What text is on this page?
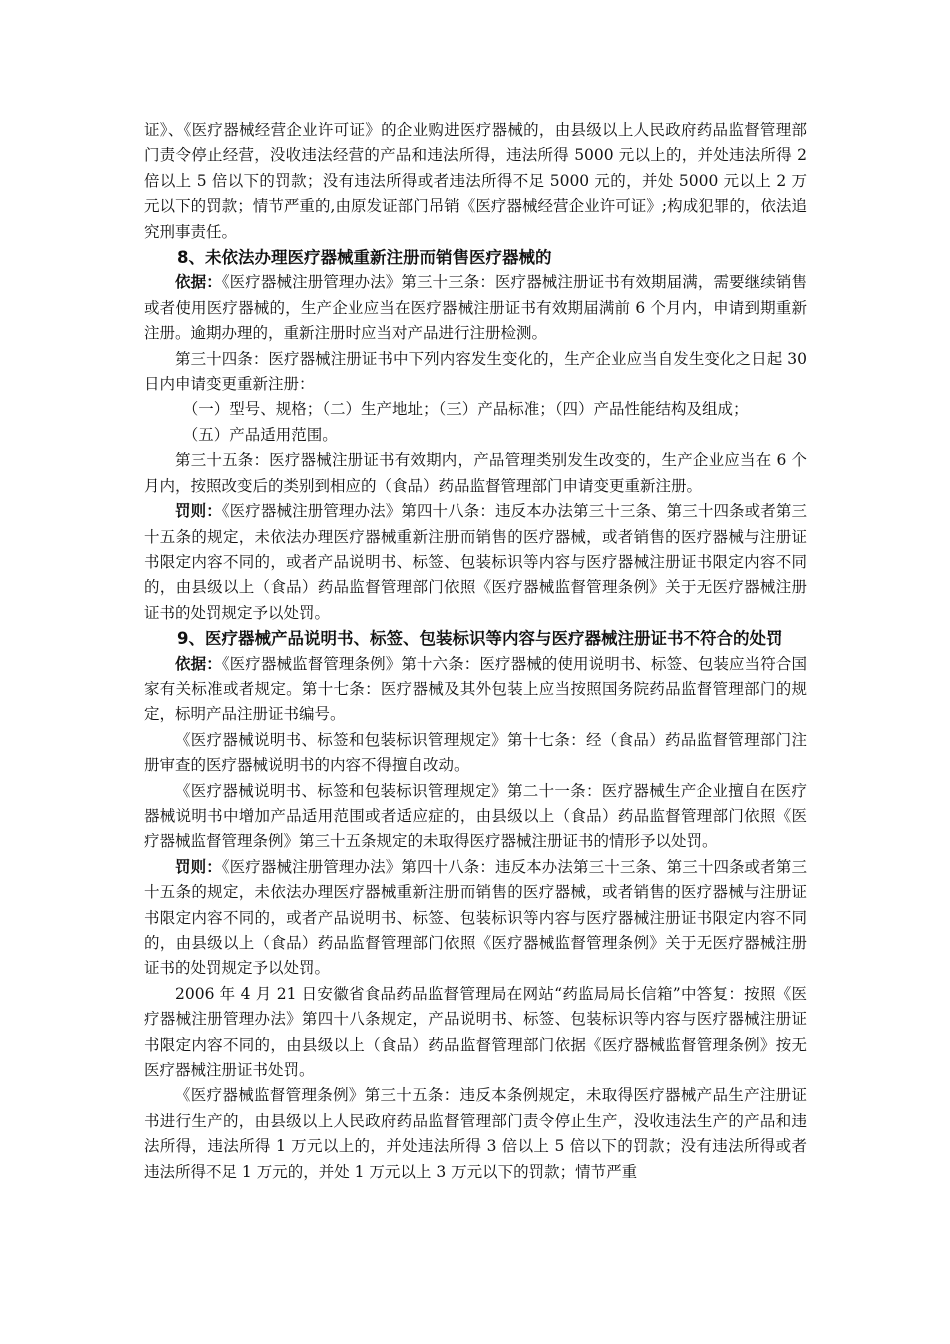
证》、《医疗器械经营企业许可证》的企业购进医疗器械的，由县级以上人民政府药品监督管理部门责令停止经营，没收违法经营的产品和违法所得，违法所得 5000 元以上的，并处违法所得 2 倍以上 5 倍以下的罚款；没有违法所得或者违法所得不足 5000 元的，并处 5000 元以上 2 万元以下的罚款；情节严重的,由原发证部门吊销《医疗器械经营企业许可证》;构成犯罪的，依法追究刑事责任。

8、未依法办理医疗器械重新注册而销售医疗器械的

依据：《医疗器械注册管理办法》第三十三条：医疗器械注册证书有效期届满，需要继续销售或者使用医疗器械的，生产企业应当在医疗器械注册证书有效期届满前 6 个月内，申请到期重新注册。逾期办理的，重新注册时应当对产品进行注册检测。

第三十四条：医疗器械注册证书中下列内容发生变化的，生产企业应当自发生变化之日起 30 日内申请变更重新注册：

（一）型号、规格；（二）生产地址；（三）产品标准；（四）产品性能结构及组成；

（五）产品适用范围。

第三十五条：医疗器械注册证书有效期内，产品管理类别发生改变的，生产企业应当在 6 个月内，按照改变后的类别到相应的（食品）药品监督管理部门申请变更重新注册。

罚则：《医疗器械注册管理办法》第四十八条：违反本办法第三十三条、第三十四条或者第三十五条的规定，未依法办理医疗器械重新注册而销售的医疗器械，或者销售的医疗器械与注册证书限定内容不同的，或者产品说明书、标签、包装标识等内容与医疗器械注册证书限定内容不同的，由县级以上（食品）药品监督管理部门依照《医疗器械监督管理条例》关于无医疗器械注册证书的处罚规定予以处罚。

9、医疗器械产品说明书、标签、包装标识等内容与医疗器械注册证书不符合的处罚

依据：《医疗器械监督管理条例》第十六条：医疗器械的使用说明书、标签、包装应当符合国家有关标准或者规定。第十七条：医疗器械及其外包装上应当按照国务院药品监督管理部门的规定，标明产品注册证书编号。

《医疗器械说明书、标签和包装标识管理规定》第十七条：经（食品）药品监督管理部门注册审查的医疗器械说明书的内容不得擅自改动。

《医疗器械说明书、标签和包装标识管理规定》第二十一条：医疗器械生产企业擅自在医疗器械说明书中增加产品适用范围或者适应症的，由县级以上（食品）药品监督管理部门依照《医疗器械监督管理条例》第三十五条规定的未取得医疗器械注册证书的情形予以处罚。

罚则：《医疗器械注册管理办法》第四十八条：违反本办法第三十三条、第三十四条或者第三十五条的规定，未依法办理医疗器械重新注册而销售的医疗器械，或者销售的医疗器械与注册证书限定内容不同的，或者产品说明书、标签、包装标识等内容与医疗器械注册证书限定内容不同的，由县级以上（食品）药品监督管理部门依照《医疗器械监督管理条例》关于无医疗器械注册证书的处罚规定予以处罚。

2006 年 4 月 21 日安徽省食品药品监督管理局在网站“药监局局长信箱”中答复：按照《医疗器械注册管理办法》第四十八条规定，产品说明书、标签、包装标识等内容与医疗器械注册证书限定内容不同的，由县级以上（食品）药品监督管理部门依据《医疗器械监督管理条例》按无医疗器械注册证书处罚。

《医疗器械监督管理条例》第三十五条：违反本条例规定，未取得医疗器械产品生产注册证书进行生产的，由县级以上人民政府药品监督管理部门责令停止生产，没收违法生产的产品和违法所得，违法所得 1 万元以上的，并处违法所得 3 倍以上 5 倍以下的罚款；没有违法所得或者违法所得不足 1 万元的，并处 1 万元以上 3 万元以下的罚款；情节严重
